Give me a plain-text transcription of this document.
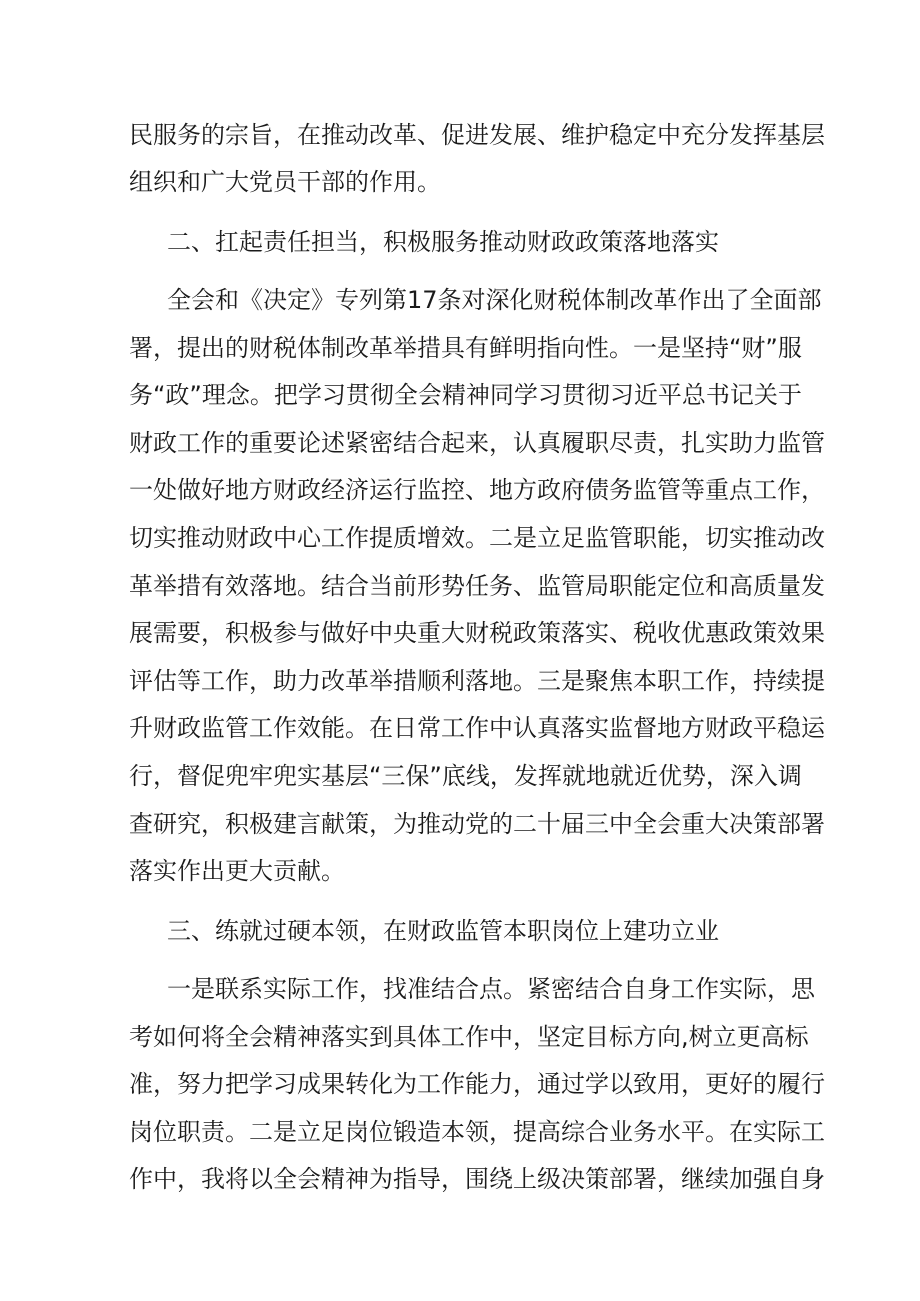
民服务的宗旨，在推动改革、促进发展、维护稳定中充分发挥基层

组织和广大党员干部的作用。

二、扛起责任担当，积极服务推动财政政策落地落实

全会和《决定》专列第17条对深化财税体制改革作出了全面部

署，提出的财税体制改革举措具有鲜明指向性。一是坚持“财”服

务“政”理念。把学习贯彻全会精神同学习贯彻习近平总书记关于

财政工作的重要论述紧密结合起来，认真履职尽责，扎实助力监管

一处做好地方财政经济运行监控、地方政府债务监管等重点工作，

切实推动财政中心工作提质增效。二是立足监管职能，切实推动改

革举措有效落地。结合当前形势任务、监管局职能定位和高质量发

展需要，积极参与做好中央重大财税政策落实、税收优惠政策效果

评估等工作，助力改革举措顺利落地。三是聚焦本职工作，持续提

升财政监管工作效能。在日常工作中认真落实监督地方财政平稳运

行，督促兜牢兜实基层“三保”底线，发挥就地就近优势，深入调

查研究，积极建言献策，为推动党的二十届三中全会重大决策部署

落实作出更大贡献。

三、练就过硬本领，在财政监管本职岗位上建功立业

一是联系实际工作，找准结合点。紧密结合自身工作实际，思

考如何将全会精神落实到具体工作中，坚定目标方向,树立更高标

准，努力把学习成果转化为工作能力，通过学以致用，更好的履行

岗位职责。二是立足岗位锻造本领，提高综合业务水平。在实际工

作中，我将以全会精神为指导，围绕上级决策部署，继续加强自身
